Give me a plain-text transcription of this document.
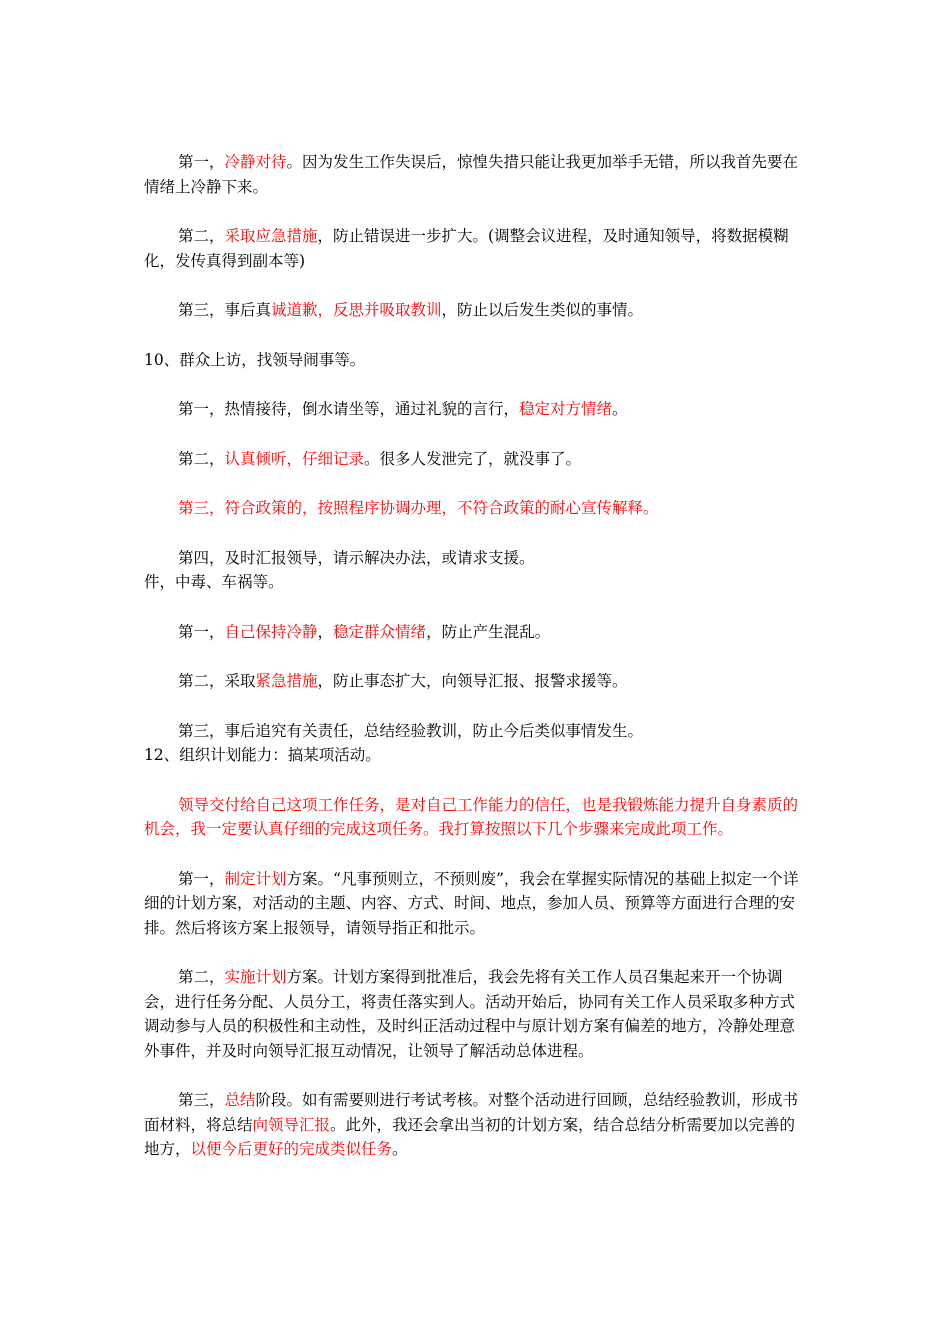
第一，冷静对待。因为发生工作失误后，惊惶失措只能让我更加举手无错，所以我首先要在情绪上冷静下来。

第二，采取应急措施，防止错误进一步扩大。(调整会议进程，及时通知领导，将数据模糊化，发传真得到副本等)

第三，事后真诚道歉，反思并吸取教训，防止以后发生类似的事情。

10、群众上访，找领导闹事等。

第一，热情接待，倒水请坐等，通过礼貌的言行，稳定对方情绪。

第二，认真倾听，仔细记录。很多人发泄完了，就没事了。

第三，符合政策的，按照程序协调办理，不符合政策的耐心宣传解释。

第四，及时汇报领导，请示解决办法，或请求支援。

件，中毒、车祸等。

第一，自己保持冷静，稳定群众情绪，防止产生混乱。

第二，采取紧急措施，防止事态扩大，向领导汇报、报警求援等。

第三，事后追究有关责任，总结经验教训，防止今后类似事情发生。

12、组织计划能力：搞某项活动。

领导交付给自己这项工作任务，是对自己工作能力的信任，也是我锻炼能力提升自身素质的机会，我一定要认真仔细的完成这项任务。我打算按照以下几个步骤来完成此项工作。

第一，制定计划方案。“凡事预则立，不预则废”，我会在掌握实际情况的基础上拟定一个详细的计划方案，对活动的主题、内容、方式、时间、地点，参加人员、预算等方面进行合理的安排。然后将该方案上报领导，请领导指正和批示。

第二，实施计划方案。计划方案得到批准后，我会先将有关工作人员召集起来开一个协调会，进行任务分配、人员分工，将责任落实到人。活动开始后，协同有关工作人员采取多种方式调动参与人员的积极性和主动性，及时纠正活动过程中与原计划方案有偏差的地方，冷静处理意外事件，并及时向领导汇报互动情况，让领导了解活动总体进程。

第三，总结阶段。如有需要则进行考试考核。对整个活动进行回顾，总结经验教训，形成书面材料，将总结向领导汇报。此外，我还会拿出当初的计划方案，结合总结分析需要加以完善的地方，以便今后更好的完成类似任务。
